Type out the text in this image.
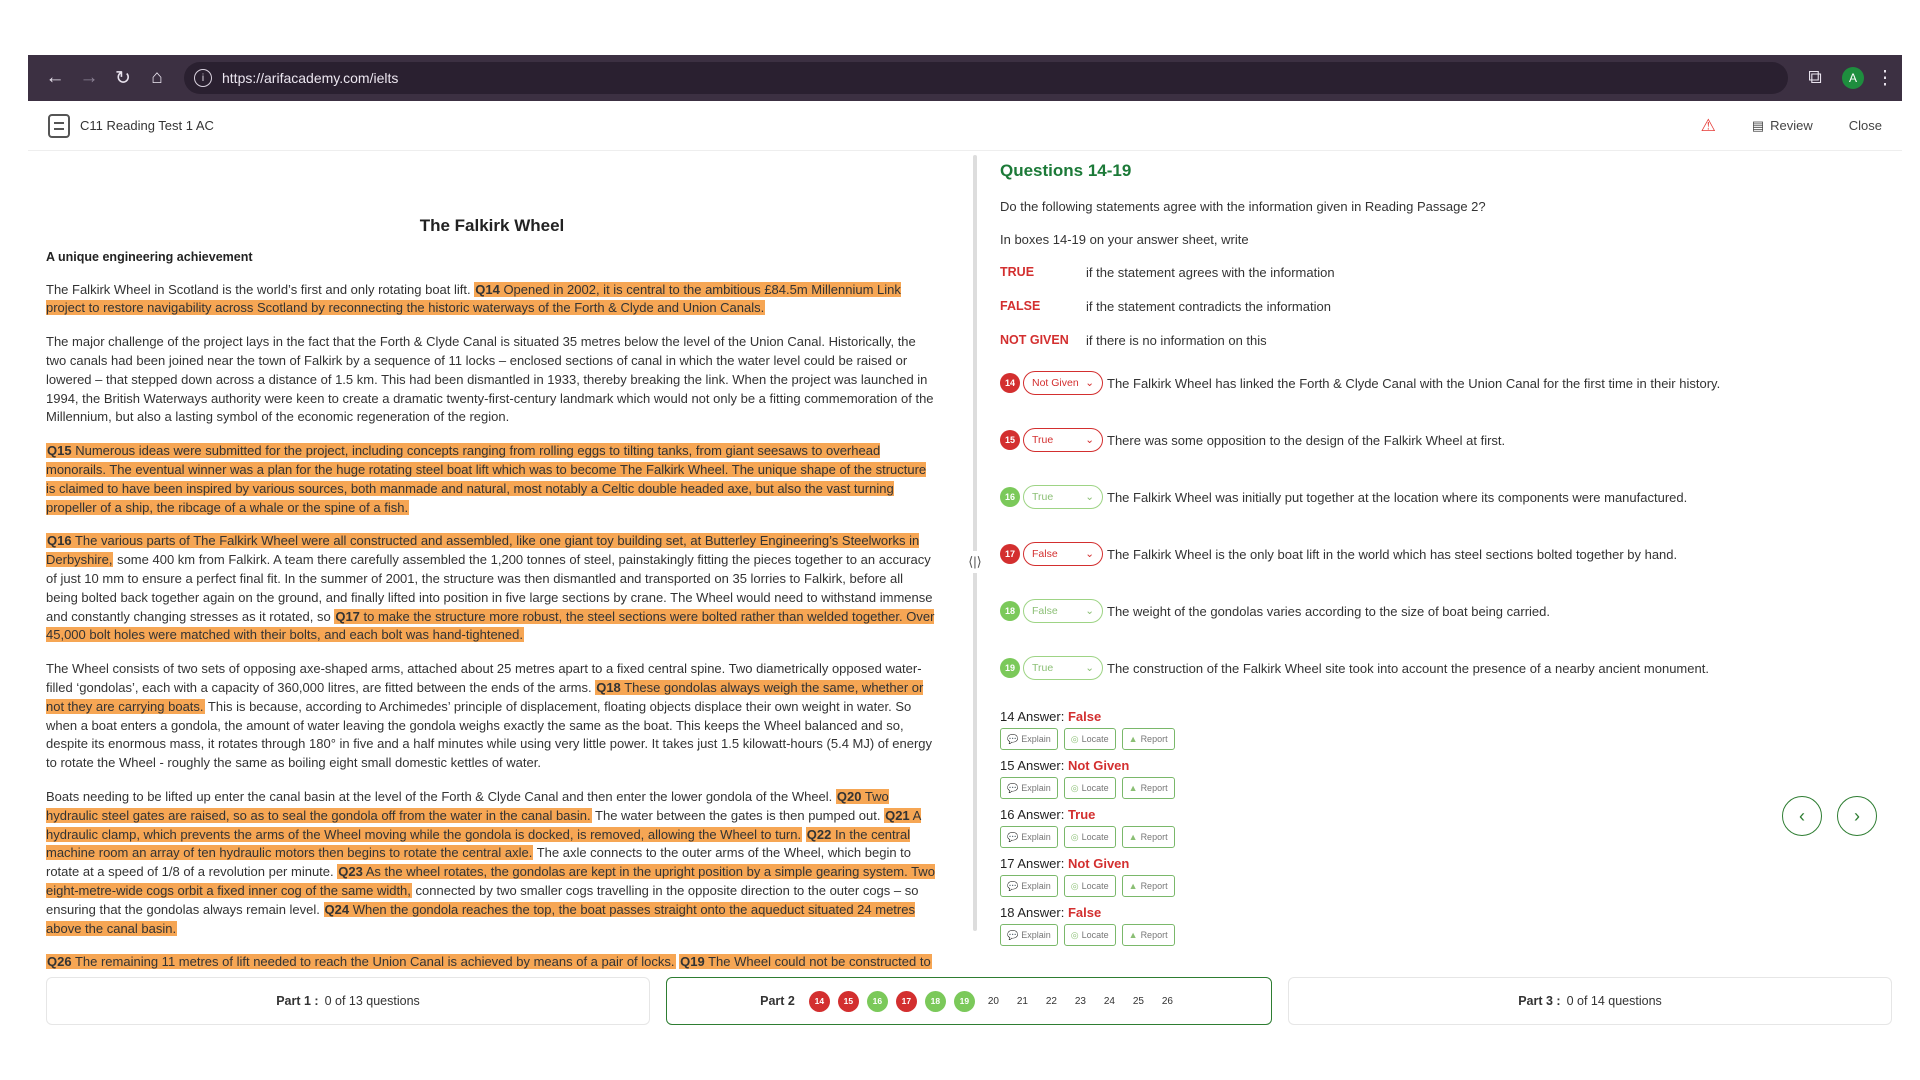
← → ↻	⌂	i	https://arifacademy.com/ielts	⧉	A ⋮
C11 Reading Test 1 AC	⚠	▤ Review	Close
The Falkirk Wheel
A unique engineering achievement

The Falkirk Wheel in Scotland is the world’s first and only rotating boat lift. Q14 Opened in 2002, it is central to the ambitious £84.5m Millennium Link project to restore navigability across Scotland by reconnecting the historic waterways of the Forth & Clyde and Union Canals.

The major challenge of the project lays in the fact that the Forth & Clyde Canal is situated 35 metres below the level of the Union Canal. Historically, the two canals had been joined near the town of Falkirk by a sequence of 11 locks – enclosed sections of canal in which the water level could be raised or lowered – that stepped down across a distance of 1.5 km. This had been dismantled in 1933, thereby breaking the link. When the project was launched in 1994, the British Waterways authority were keen to create a dramatic twenty-first-century landmark which would not only be a fitting commemoration of the Millennium, but also a lasting symbol of the economic regeneration of the region.

Q15 Numerous ideas were submitted for the project, including concepts ranging from rolling eggs to tilting tanks, from giant seesaws to overhead monorails. The eventual winner was a plan for the huge rotating steel boat lift which was to become The Falkirk Wheel. The unique shape of the structure is claimed to have been inspired by various sources, both manmade and natural, most notably a Celtic double headed axe, but also the vast turning propeller of a ship, the ribcage of a whale or the spine of a fish.

Q16 The various parts of The Falkirk Wheel were all constructed and assembled, like one giant toy building set, at Butterley Engineering’s Steelworks in Derbyshire, some 400 km from Falkirk. A team there carefully assembled the 1,200 tonnes of steel, painstakingly fitting the pieces together to an accuracy of just 10 mm to ensure a perfect final fit. In the summer of 2001, the structure was then dismantled and transported on 35 lorries to Falkirk, before all being bolted back together again on the ground, and finally lifted into position in five large sections by crane. The Wheel would need to withstand immense and constantly changing stresses as it rotated, so Q17 to make the structure more robust, the steel sections were bolted rather than welded together. Over 45,000 bolt holes were matched with their bolts, and each bolt was hand-tightened.

The Wheel consists of two sets of opposing axe-shaped arms, attached about 25 metres apart to a fixed central spine. Two diametrically opposed water-filled ‘gondolas’, each with a capacity of 360,000 litres, are fitted between the ends of the arms. Q18 These gondolas always weigh the same, whether or not they are carrying boats. This is because, according to Archimedes’ principle of displacement, floating objects displace their own weight in water. So when a boat enters a gondola, the amount of water leaving the gondola weighs exactly the same as the boat. This keeps the Wheel balanced and so, despite its enormous mass, it rotates through 180° in five and a half minutes while using very little power. It takes just 1.5 kilowatt-hours (5.4 MJ) of energy to rotate the Wheel - roughly the same as boiling eight small domestic kettles of water.

Boats needing to be lifted up enter the canal basin at the level of the Forth & Clyde Canal and then enter the lower gondola of the Wheel. Q20 Two hydraulic steel gates are raised, so as to seal the gondola off from the water in the canal basin. The water between the gates is then pumped out. Q21 A hydraulic clamp, which prevents the arms of the Wheel moving while the gondola is docked, is removed, allowing the Wheel to turn. Q22 In the central machine room an array of ten hydraulic motors then begins to rotate the central axle. The axle connects to the outer arms of the Wheel, which begin to rotate at a speed of 1/8 of a revolution per minute. Q23 As the wheel rotates, the gondolas are kept in the upright position by a simple gearing system. Two eight-metre-wide cogs orbit a fixed inner cog of the same width, connected by two smaller cogs travelling in the opposite direction to the outer cogs – so ensuring that the gondolas always remain level. Q24 When the gondola reaches the top, the boat passes straight onto the aqueduct situated 24 metres above the canal basin.

Q26 The remaining 11 metres of lift needed to reach the Union Canal is achieved by means of a pair of locks. Q19 The Wheel could not be constructed to

⟨|⟩
Questions 14-19
Do the following statements agree with the information given in Reading Passage 2?
In boxes 14-19 on your answer sheet, write
TRUE	if the statement agrees with the information
FALSE	if the statement contradicts the information
NOT GIVEN	if there is no information on this
14	Not Given ⌄ The Falkirk Wheel has linked the Forth & Clyde Canal with the Union Canal for the first time in their history.
15	True	⌄ There was some opposition to the design of the Falkirk Wheel at first.
16	True	⌄ The Falkirk Wheel was initially put together at the location where its components were manufactured.
17	False	⌄ The Falkirk Wheel is the only boat lift in the world which has steel sections bolted together by hand.
18	False	⌄ The weight of the gondolas varies according to the size of boat being carried.
19	True	⌄ The construction of the Falkirk Wheel site took into account the presence of a nearby ancient monument.
14 Answer: False
💬 Explain ◎ Locate ▲ Report
15 Answer: Not Given
💬 Explain ◎ Locate ▲ Report
16 Answer: True
💬 Explain ◎ Locate ▲ Report
17 Answer: Not Given
💬 Explain ◎ Locate ▲ Report
18 Answer: False
💬 Explain ◎ Locate ▲ Report
‹	›
Part 1 : 0 of 13 questions	Part 2	14	15	16	17	18	19	20	21	22	23	24	25	26	Part 3 : 0 of 14 questions
